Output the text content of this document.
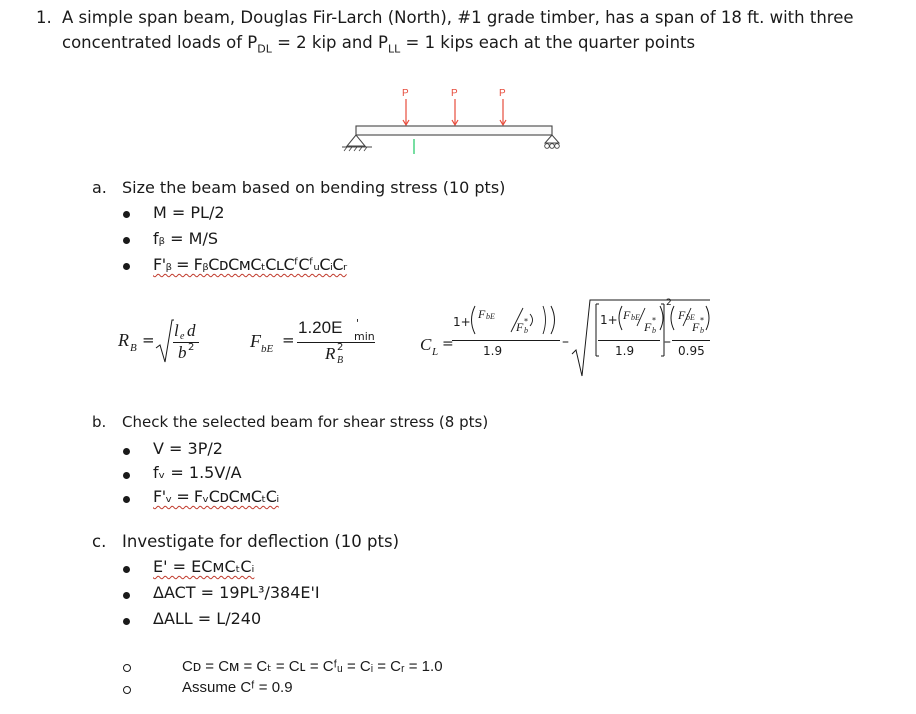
1. A simple span beam, Douglas Fir-Larch (North), #1 grade timber, has a span of 18 ft. with three
concentrated loads of $P_{DL} = 2$ kip and $P_{LL} = 1$ kips each at the quarter points
P	P	P
a. Size the beam based on bending stress (10 pts)
M = PL/2
fᵦ = M/S
F'ᵦ = FᵦCᴅCᴍCₜCʟCᶠCᶠᵤCᵢCᵣ
R B = l e d
b 2	F bE =
1.20E '
min
R 2
B
C L =
1+
F bE
F b
*
1.9
–
1+ F bE
F b
*
1.9
2
–
F bE
F b
*
0.95
b. Check the selected beam for shear stress (8 pts)
V = 3P/2
fᵥ = 1.5V/A
F'ᵥ = FᵥCᴅCᴍCₜCᵢ
c. Investigate for deflection (10 pts)
E' = ECᴍCₜCᵢ
ΔACT = 19PL³/384E'I
ΔALL = L/240
Cᴅ = Cᴍ = Cₜ = Cʟ = Cᶠᵤ = Cᵢ = Cᵣ = 1.0
Assume Cᶠ = 0.9
